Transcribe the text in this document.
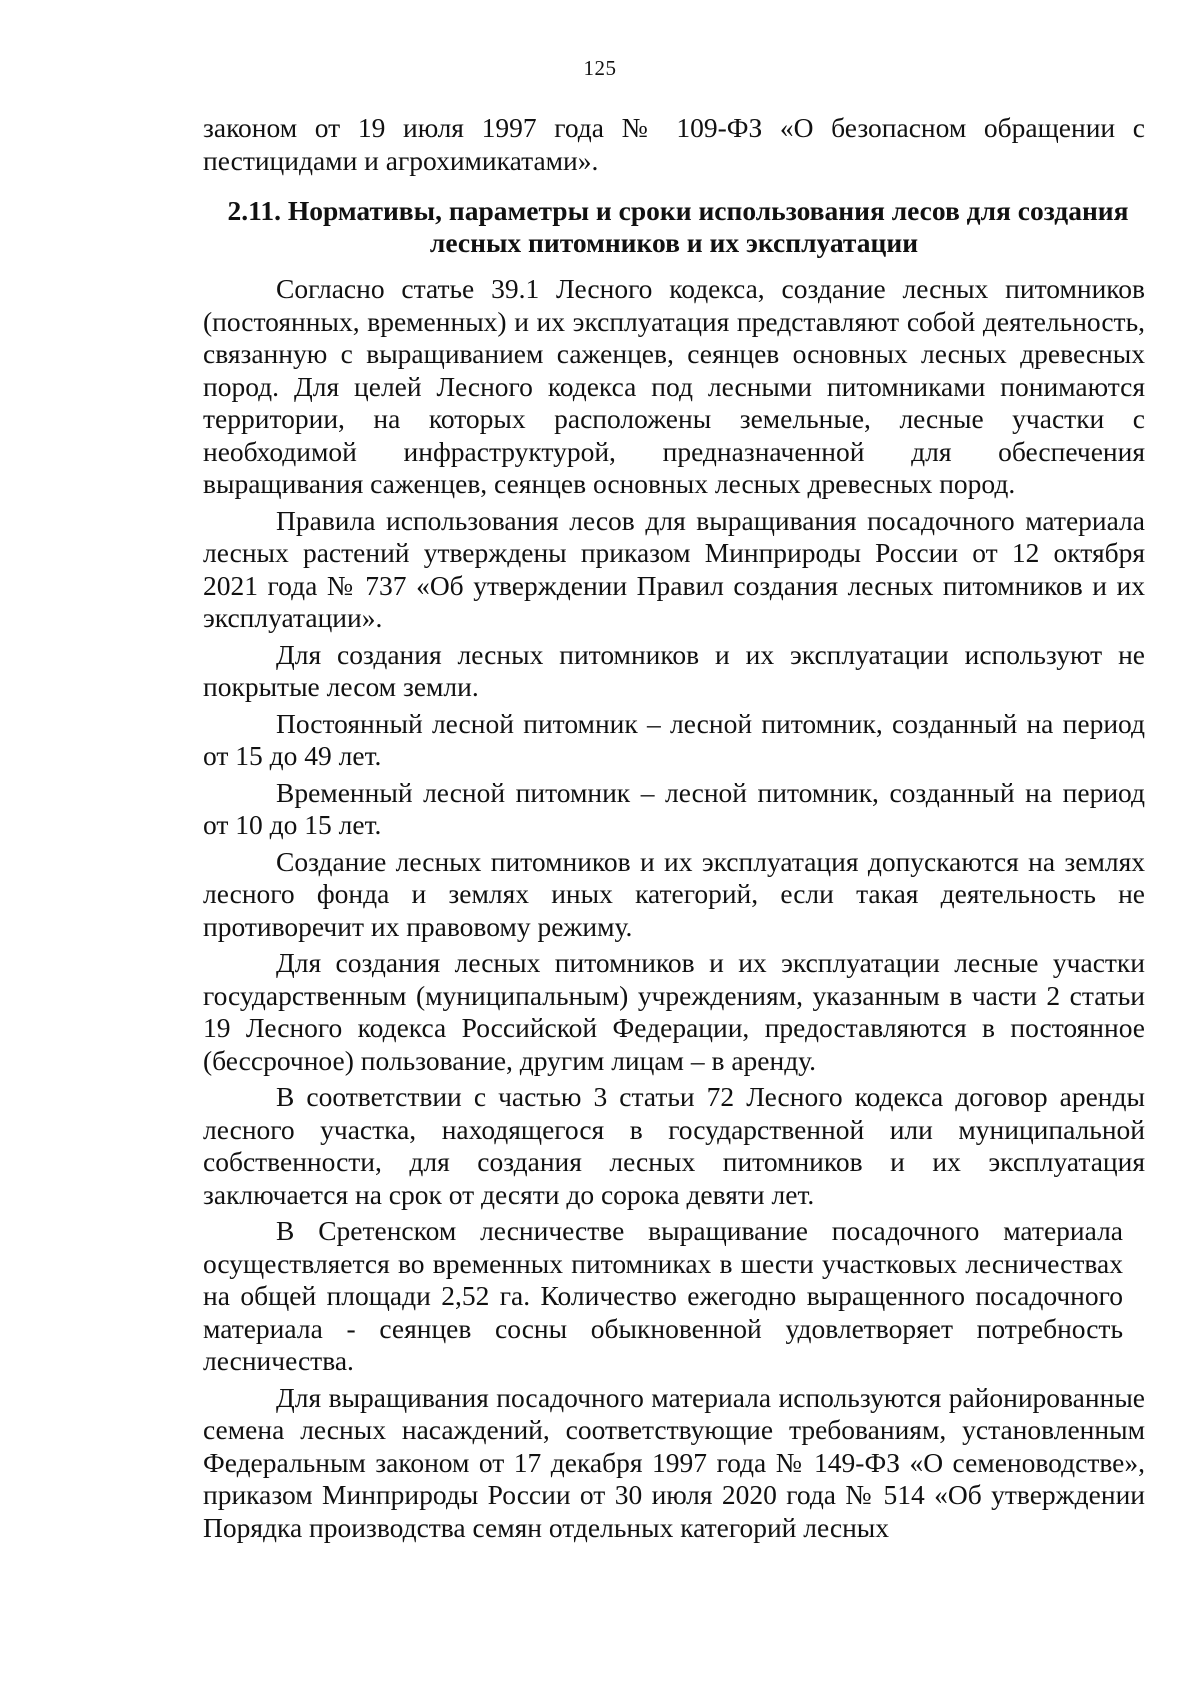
125

законом от 19 июля 1997 года № 109-ФЗ «О безопасном обращении с пестицидами и агрохимикатами».

2.11. Нормативы, параметры и сроки использования лесов для создания
лесных питомников и их эксплуатации

Согласно статье 39.1 Лесного кодекса, создание лесных питомников (постоянных, временных) и их эксплуатация представляют собой деятельность, связанную с выращиванием саженцев, сеянцев основных лесных древесных пород. Для целей Лесного кодекса под лесными питомниками понимаются территории, на которых расположены земельные, лесные участки с необходимой инфраструктурой, предназначенной для обеспечения выращивания саженцев, сеянцев основных лесных древесных пород.

Правила использования лесов для выращивания посадочного материала лесных растений утверждены приказом Минприроды России от 12 октября 2021 года № 737 «Об утверждении Правил создания лесных питомников и их эксплуатации».

Для создания лесных питомников и их эксплуатации используют не покрытые лесом земли.

Постоянный лесной питомник – лесной питомник, созданный на период от 15 до 49 лет.

Временный лесной питомник – лесной питомник, созданный на период от 10 до 15 лет.

Создание лесных питомников и их эксплуатация допускаются на землях лесного фонда и землях иных категорий, если такая деятельность не противоречит их правовому режиму.

Для создания лесных питомников и их эксплуатации лесные участки государственным (муниципальным) учреждениям, указанным в части 2 статьи 19 Лесного кодекса Российской Федерации, предоставляются в постоянное (бессрочное) пользование, другим лицам – в аренду.

В соответствии с частью 3 статьи 72 Лесного кодекса договор аренды лесного участка, находящегося в государственной или муниципальной собственности, для создания лесных питомников и их эксплуатация заключается на срок от десяти до сорока девяти лет.

В Сретенском лесничестве выращивание посадочного материала осуществляется во временных питомниках в шести участковых лесничествах на общей площади 2,52 га. Количество ежегодно выращенного посадочного материала - сеянцев сосны обыкновенной удовлетворяет потребность лесничества.

Для выращивания посадочного материала используются районированные семена лесных насаждений, соответствующие требованиям, установленным Федеральным законом от 17 декабря 1997 года № 149-ФЗ «О семеноводстве», приказом Минприроды России от 30 июля 2020 года № 514 «Об утверждении Порядка производства семян отдельных категорий лесных
